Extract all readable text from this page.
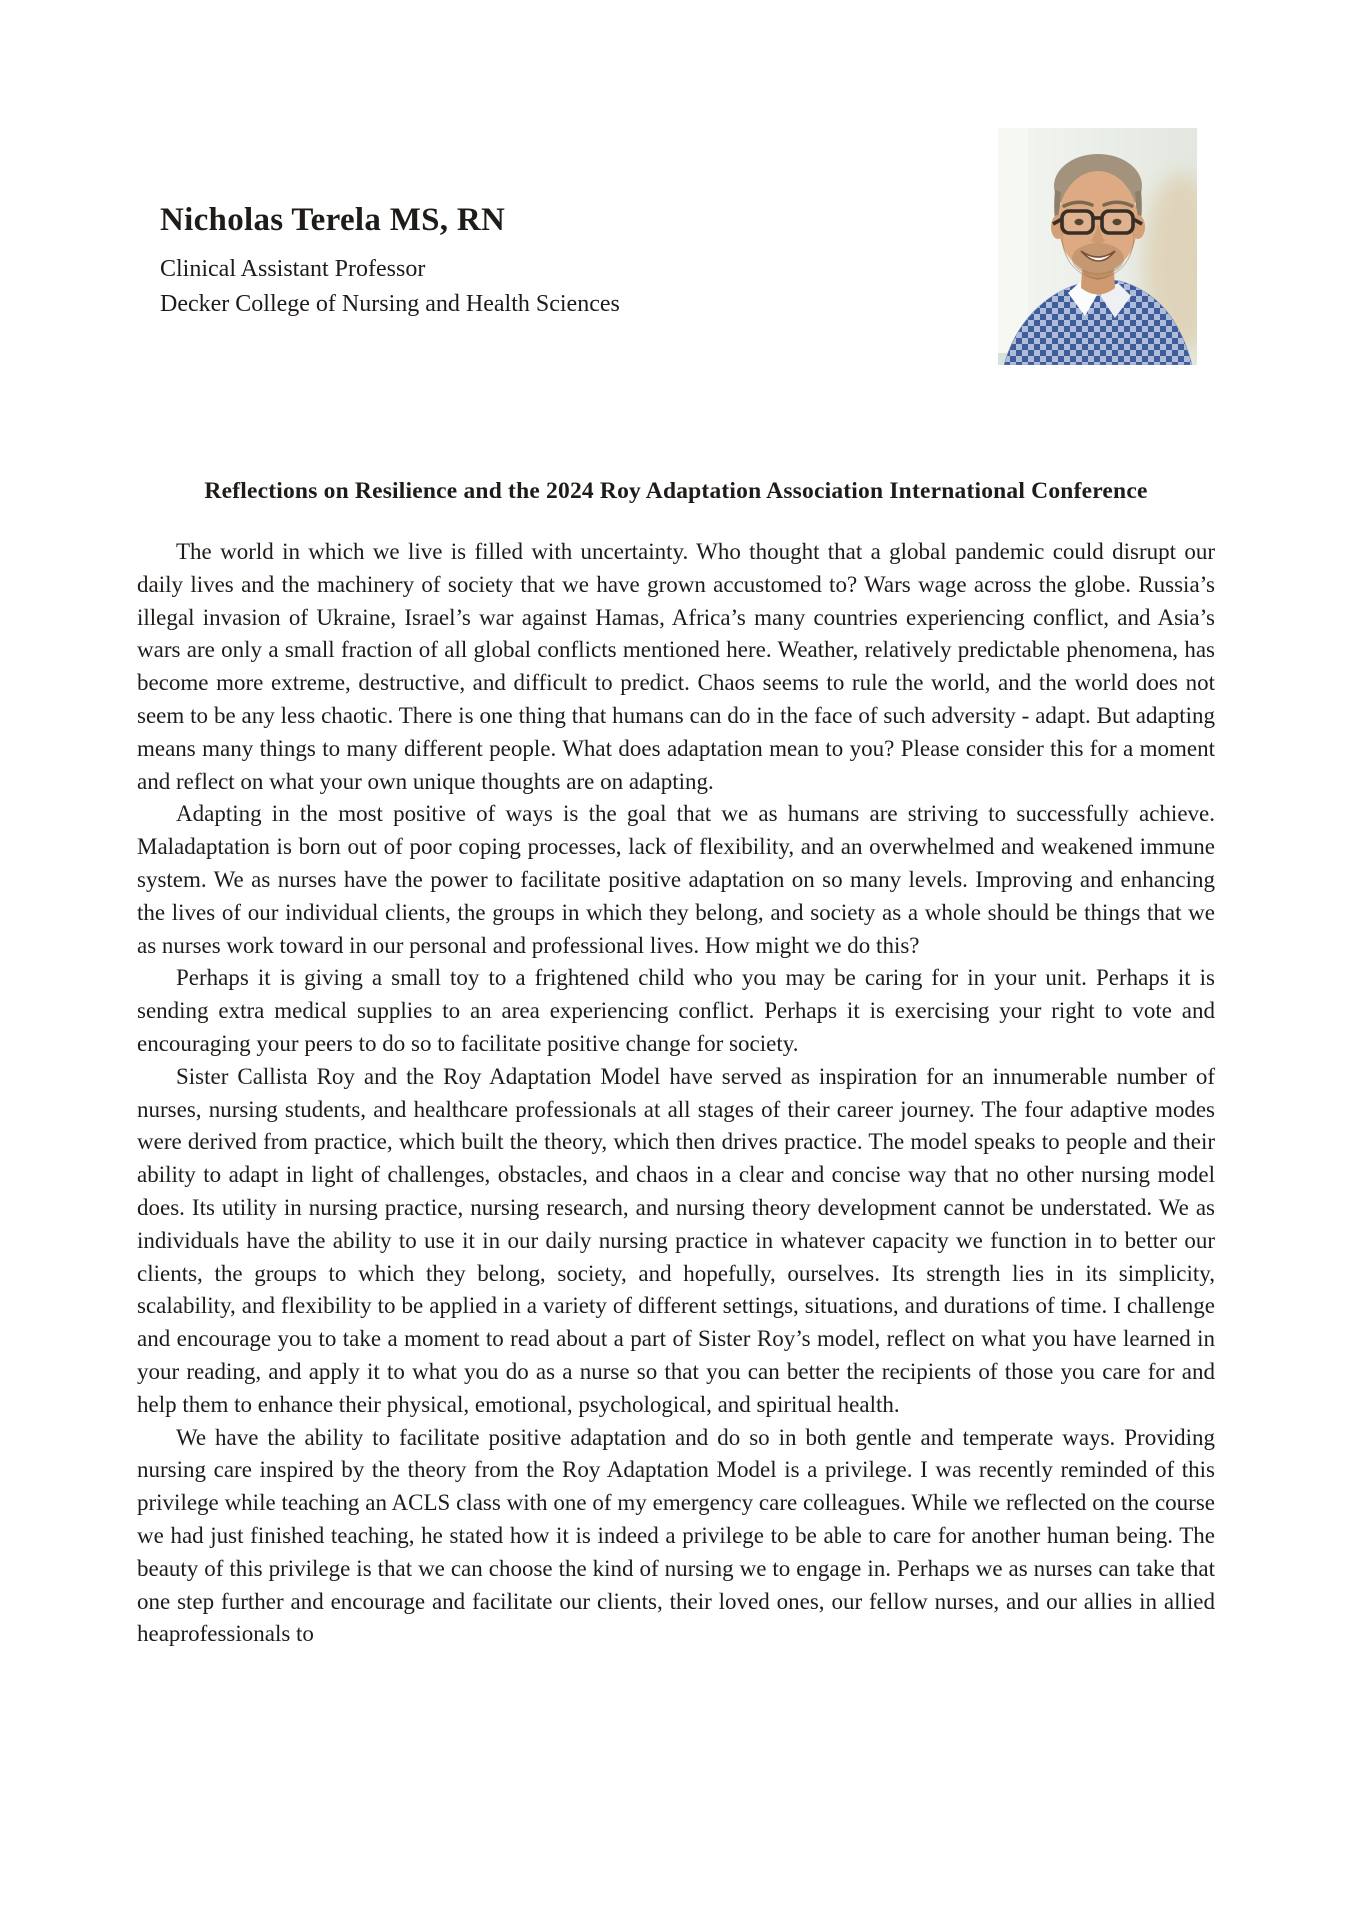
Nicholas Terela MS, RN

Clinical Assistant Professor

Decker College of Nursing and Health Sciences

Reflections on Resilience and the 2024 Roy Adaptation Association International Conference

The world in which we live is filled with uncertainty. Who thought that a global pandemic could disrupt our daily lives and the machinery of society that we have grown accustomed to? Wars wage across the globe. Russia’s illegal invasion of Ukraine, Israel’s war against Hamas, Africa’s many countries experiencing conflict, and Asia’s wars are only a small fraction of all global conflicts mentioned here. Weather, relatively predictable phenomena, has become more extreme, destructive, and difficult to predict. Chaos seems to rule the world, and the world does not seem to be any less chaotic. There is one thing that humans can do in the face of such adversity - adapt. But adapting means many things to many different people. What does adaptation mean to you? Please consider this for a moment and reflect on what your own unique thoughts are on adapting.

Adapting in the most positive of ways is the goal that we as humans are striving to successfully achieve. Maladaptation is born out of poor coping processes, lack of flexibility, and an overwhelmed and weakened immune system. We as nurses have the power to facilitate positive adaptation on so many levels. Improving and enhancing the lives of our individual clients, the groups in which they belong, and society as a whole should be things that we as nurses work toward in our personal and professional lives. How might we do this?

Perhaps it is giving a small toy to a frightened child who you may be caring for in your unit. Perhaps it is sending extra medical supplies to an area experiencing conflict. Perhaps it is exercising your right to vote and encouraging your peers to do so to facilitate positive change for society.

Sister Callista Roy and the Roy Adaptation Model have served as inspiration for an innumerable number of nurses, nursing students, and healthcare professionals at all stages of their career journey. The four adaptive modes were derived from practice, which built the theory, which then drives practice. The model speaks to people and their ability to adapt in light of challenges, obstacles, and chaos in a clear and concise way that no other nursing model does. Its utility in nursing practice, nursing research, and nursing theory development cannot be understated. We as individuals have the ability to use it in our daily nursing practice in whatever capacity we function in to better our clients, the groups to which they belong, society, and hopefully, ourselves. Its strength lies in its simplicity, scalability, and flexibility to be applied in a variety of different settings, situations, and durations of time. I challenge and encourage you to take a moment to read about a part of Sister Roy’s model, reflect on what you have learned in your reading, and apply it to what you do as a nurse so that you can better the recipients of those you care for and help them to enhance their physical, emotional, psychological, and spiritual health.

We have the ability to facilitate positive adaptation and do so in both gentle and temperate ways. Providing nursing care inspired by the theory from the Roy Adaptation Model is a privilege. I was recently reminded of this privilege while teaching an ACLS class with one of my emergency care colleagues. While we reflected on the course we had just finished teaching, he stated how it is indeed a privilege to be able to care for another human being. The beauty of this privilege is that we can choose the kind of nursing we to engage in. Perhaps we as nurses can take that one step further and encourage and facilitate our clients, their loved ones, our fellow nurses, and our allies in allied heaprofessionals to
